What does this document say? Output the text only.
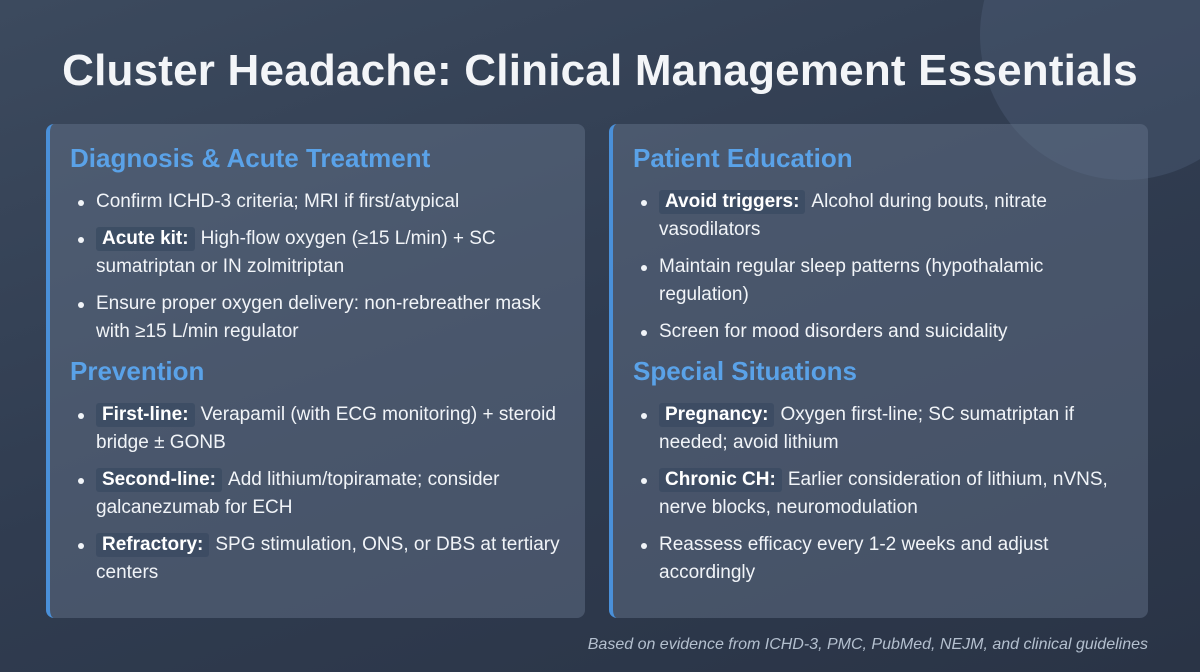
Cluster Headache: Clinical Management Essentials
Diagnosis & Acute Treatment
Confirm ICHD-3 criteria; MRI if first/atypical
Acute kit: High-flow oxygen (≥15 L/min) + SC sumatriptan or IN zolmitriptan
Ensure proper oxygen delivery: non-rebreather mask with ≥15 L/min regulator
Prevention
First-line: Verapamil (with ECG monitoring) + steroid bridge ± GONB
Second-line: Add lithium/topiramate; consider galcanezumab for ECH
Refractory: SPG stimulation, ONS, or DBS at tertiary centers
Patient Education
Avoid triggers: Alcohol during bouts, nitrate vasodilators
Maintain regular sleep patterns (hypothalamic regulation)
Screen for mood disorders and suicidality
Special Situations
Pregnancy: Oxygen first-line; SC sumatriptan if needed; avoid lithium
Chronic CH: Earlier consideration of lithium, nVNS, nerve blocks, neuromodulation
Reassess efficacy every 1-2 weeks and adjust accordingly

Based on evidence from ICHD-3, PMC, PubMed, NEJM, and clinical guidelines
